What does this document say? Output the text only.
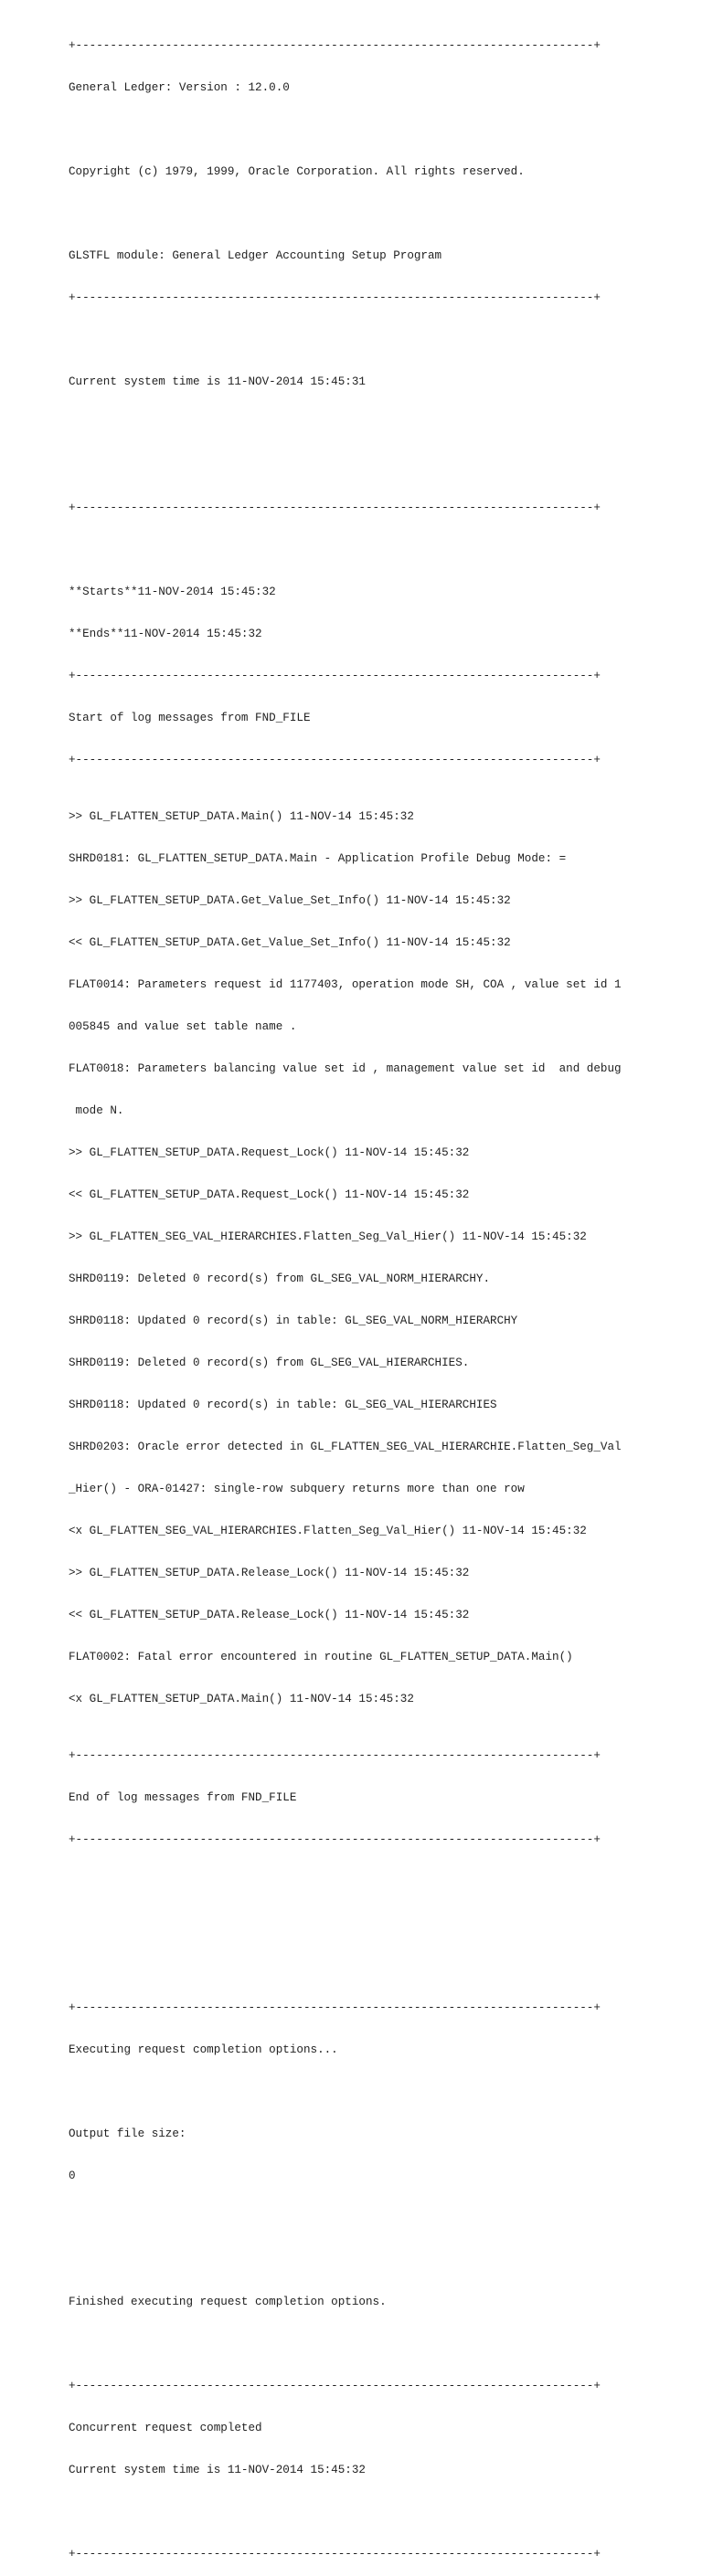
+---------------------------------------------------------------------------+

General Ledger: Version : 12.0.0

Copyright (c) 1979, 1999, Oracle Corporation. All rights reserved.

GLSTFL module: General Ledger Accounting Setup Program

+---------------------------------------------------------------------------+

Current system time is 11-NOV-2014 15:45:31

+---------------------------------------------------------------------------+

**Starts**11-NOV-2014 15:45:32

**Ends**11-NOV-2014 15:45:32

+---------------------------------------------------------------------------+

Start of log messages from FND_FILE

+---------------------------------------------------------------------------+

>> GL_FLATTEN_SETUP_DATA.Main() 11-NOV-14 15:45:32

SHRD0181: GL_FLATTEN_SETUP_DATA.Main - Application Profile Debug Mode: =

>> GL_FLATTEN_SETUP_DATA.Get_Value_Set_Info() 11-NOV-14 15:45:32

<< GL_FLATTEN_SETUP_DATA.Get_Value_Set_Info() 11-NOV-14 15:45:32

FLAT0014: Parameters request id 1177403, operation mode SH, COA , value set id 1

005845 and value set table name .

FLAT0018: Parameters balancing value set id , management value set id  and debug

mode N.

>> GL_FLATTEN_SETUP_DATA.Request_Lock() 11-NOV-14 15:45:32

<< GL_FLATTEN_SETUP_DATA.Request_Lock() 11-NOV-14 15:45:32

>> GL_FLATTEN_SEG_VAL_HIERARCHIES.Flatten_Seg_Val_Hier() 11-NOV-14 15:45:32

SHRD0119: Deleted 0 record(s) from GL_SEG_VAL_NORM_HIERARCHY.

SHRD0118: Updated 0 record(s) in table: GL_SEG_VAL_NORM_HIERARCHY

SHRD0119: Deleted 0 record(s) from GL_SEG_VAL_HIERARCHIES.

SHRD0118: Updated 0 record(s) in table: GL_SEG_VAL_HIERARCHIES

SHRD0203: Oracle error detected in GL_FLATTEN_SEG_VAL_HIERARCHIE.Flatten_Seg_Val

_Hier() - ORA-01427: single-row subquery returns more than one row

<x GL_FLATTEN_SEG_VAL_HIERARCHIES.Flatten_Seg_Val_Hier() 11-NOV-14 15:45:32

>> GL_FLATTEN_SETUP_DATA.Release_Lock() 11-NOV-14 15:45:32

<< GL_FLATTEN_SETUP_DATA.Release_Lock() 11-NOV-14 15:45:32

FLAT0002: Fatal error encountered in routine GL_FLATTEN_SETUP_DATA.Main()

<x GL_FLATTEN_SETUP_DATA.Main() 11-NOV-14 15:45:32

+---------------------------------------------------------------------------+

End of log messages from FND_FILE

+---------------------------------------------------------------------------+

+---------------------------------------------------------------------------+

Executing request completion options...

Output file size:

0

Finished executing request completion options.

+---------------------------------------------------------------------------+

Concurrent request completed

Current system time is 11-NOV-2014 15:45:32

+---------------------------------------------------------------------------+
